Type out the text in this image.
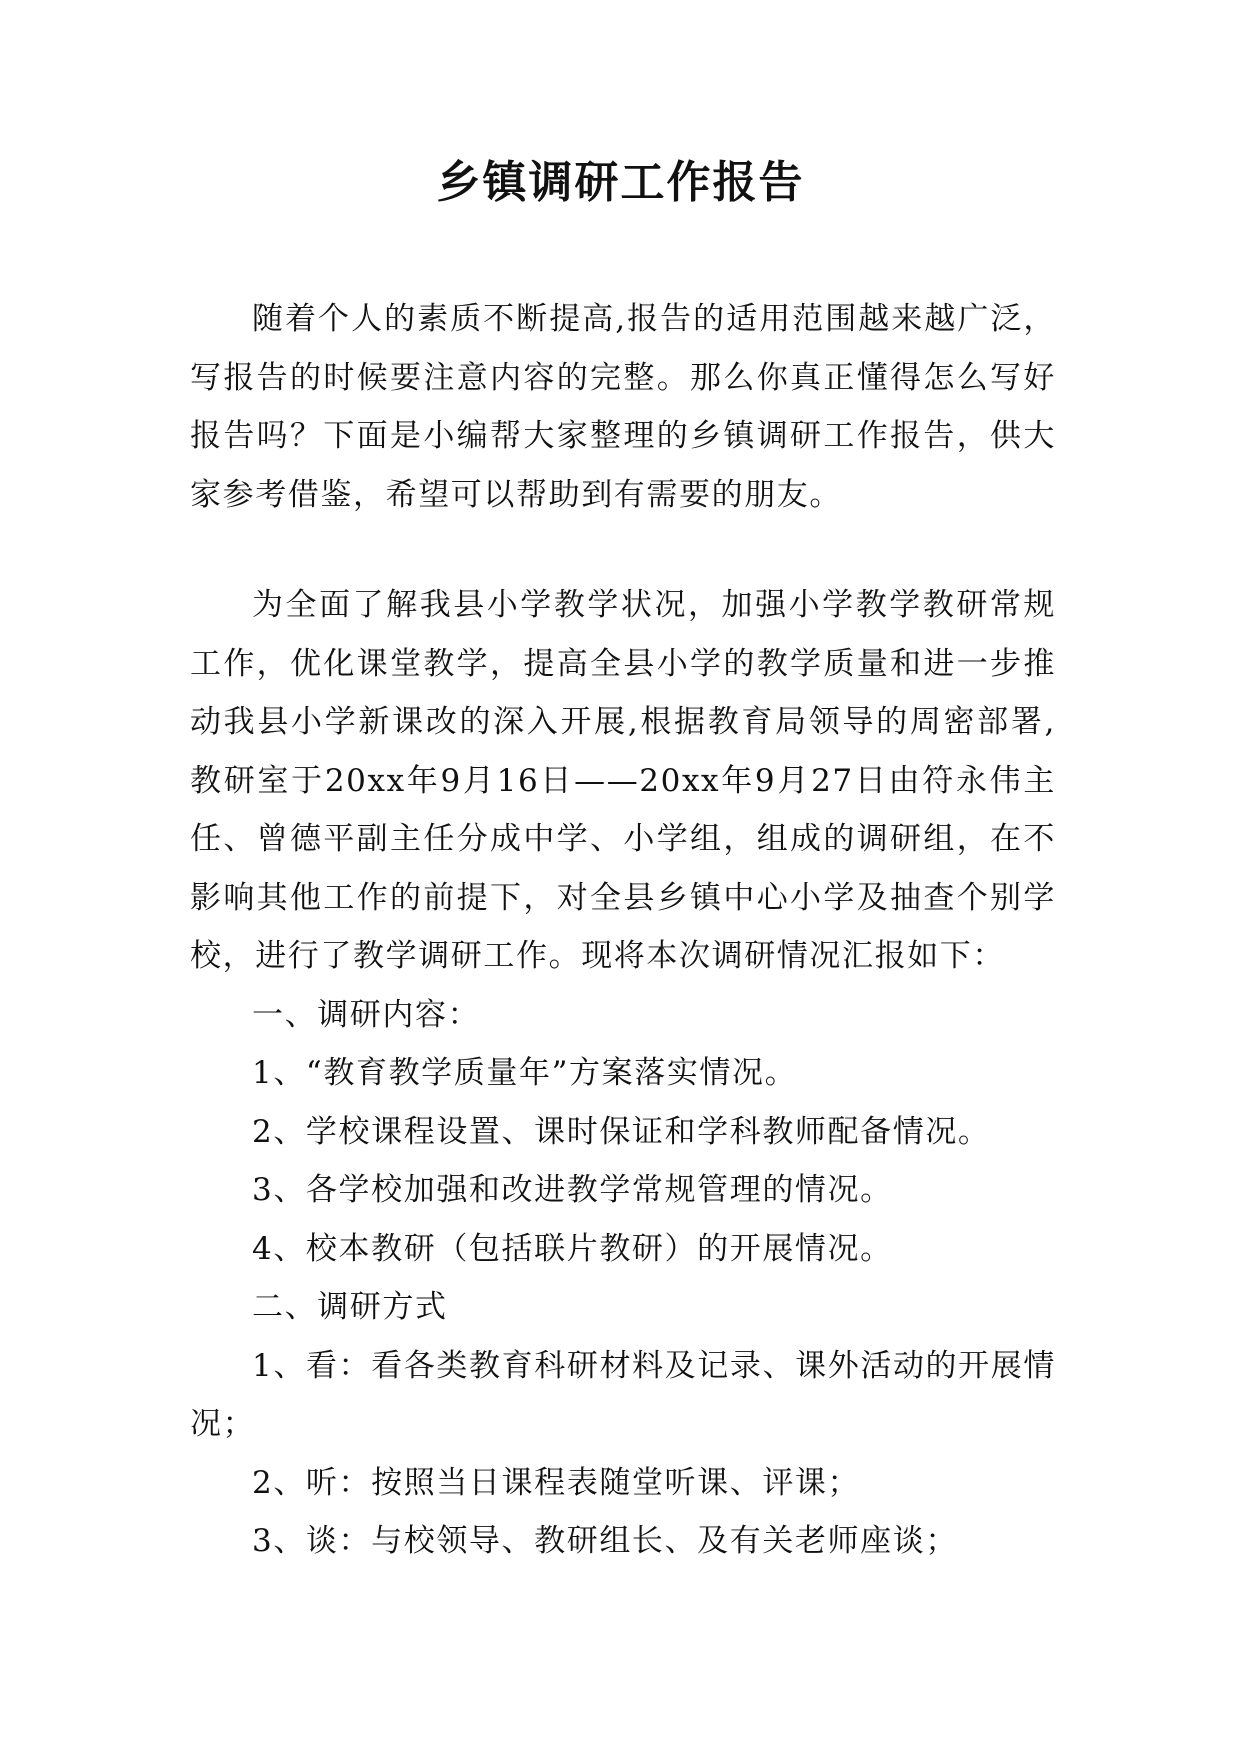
乡镇调研工作报告

随着个人的素质不断提高,报告的适用范围越来越广泛，写报告的时候要注意内容的完整。那么你真正懂得怎么写好报告吗？下面是小编帮大家整理的乡镇调研工作报告，供大家参考借鉴，希望可以帮助到有需要的朋友。

为全面了解我县小学教学状况，加强小学教学教研常规工作，优化课堂教学，提高全县小学的教学质量和进一步推动我县小学新课改的深入开展,根据教育局领导的周密部署,教研室于20xx年9月16日——20xx年9月27日由符永伟主任、曾德平副主任分成中学、小学组，组成的调研组，在不影响其他工作的前提下，对全县乡镇中心小学及抽查个别学校，进行了教学调研工作。现将本次调研情况汇报如下：

一、调研内容：

1、“教育教学质量年”方案落实情况。

2、学校课程设置、课时保证和学科教师配备情况。

3、各学校加强和改进教学常规管理的情况。

4、校本教研（包括联片教研）的开展情况。

二、调研方式

1、看：看各类教育科研材料及记录、课外活动的开展情况；

2、听：按照当日课程表随堂听课、评课；

3、谈：与校领导、教研组长、及有关老师座谈；
